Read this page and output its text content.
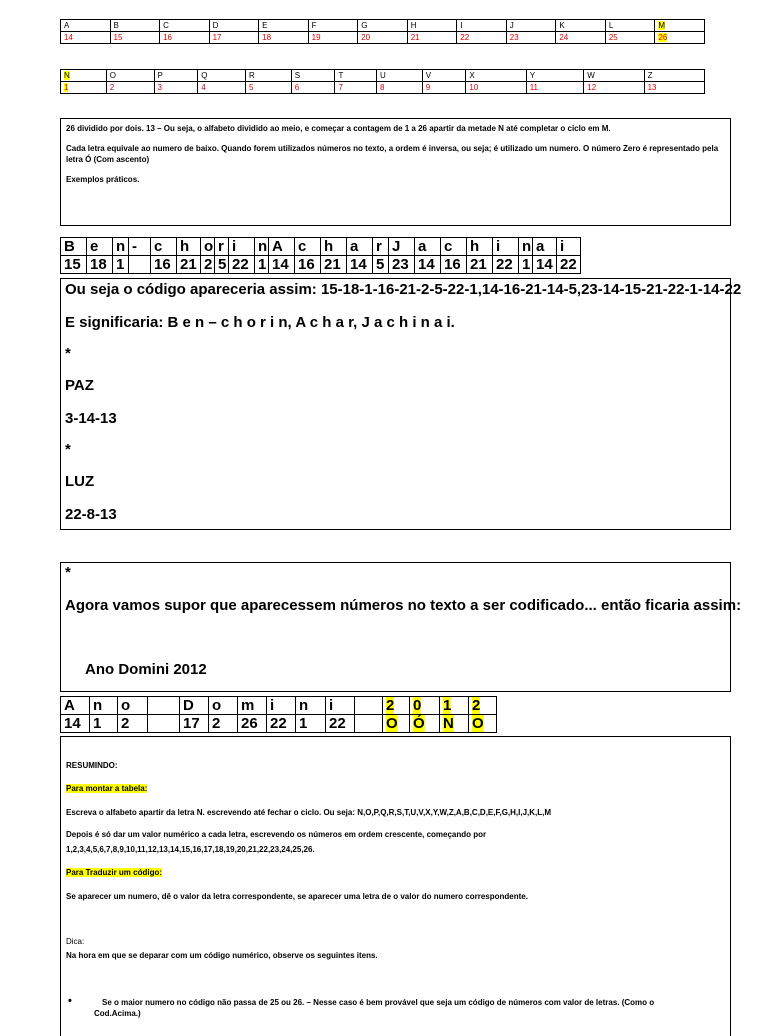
A	B	C	D	E	F	G	H	I	J	K	L	M
14	15	16	17	18	19	20	21	22	23	24	25	26
N	O	P	Q	R	S	T	U	V	X	Y	W	Z
1	2	3	4	5	6	7	8	9	10	11	12	13

26 dividido por dois. 13 – Ou seja, o alfabeto dividido ao meio, e começar a contagem de 1 a 26 apartir da metade N até completar o ciclo em M.

Cada letra equivale ao numero de baixo. Quando forem utilizados números no texto, a ordem é inversa, ou seja; é utilizado um numero. O número Zero é representado pela letra Ó (Com ascento)

Exemplos práticos.

B	e	n	-	c	h	o	r	i	n	A	c	h	a	r	J	a	c	h	i	n	a	i
15	18	1		16	21	2	5	22	1	14	16	21	14	5	23	14	16	21	22	1	14	22

Ou seja o código apareceria assim: 15-18-1-16-21-2-5-22-1,14-16-21-14-5,23-14-15-21-22-1-14-22

E significaria: B e n – c h o r i n, A c h a r, J a c h i n a i.

*

PAZ

3-14-13

*

LUZ

22-8-13

*

Agora vamos supor que aparecessem números no texto a ser codificado... então ficaria assim:

Ano Domini 2012

A	n	o		D	o	m	i	n	i		2	0	1	2
14	1	2		17	2	26	22	1	22		O	Ó	N	O

RESUMINDO:

Para montar a tabela:

Escreva o alfabeto apartir da letra N. escrevendo até fechar o ciclo. Ou seja: N,O,P,Q,R,S,T,U,V,X,Y,W,Z,A,B,C,D,E,F,G,H,I,J,K,L,M

Depois é só dar um valor numérico a cada letra, escrevendo os números em ordem crescente, começando por

1,2,3,4,5,6,7,8,9,10,11,12,13,14,15,16,17,18,19,20,21,22,23,24,25,26.

Para Traduzir um código:

Se aparecer um numero, dê o valor da letra correspondente, se aparecer uma letra de o valor do numero correspondente.

Dica:

Na hora em que se deparar com um código numérico, observe os seguintes itens.

•	Se o maior numero no código não passa de 25 ou 26. – Nesse caso é bem provável que seja um código de números com valor de letras. (Como o

Cod.Acima.)
